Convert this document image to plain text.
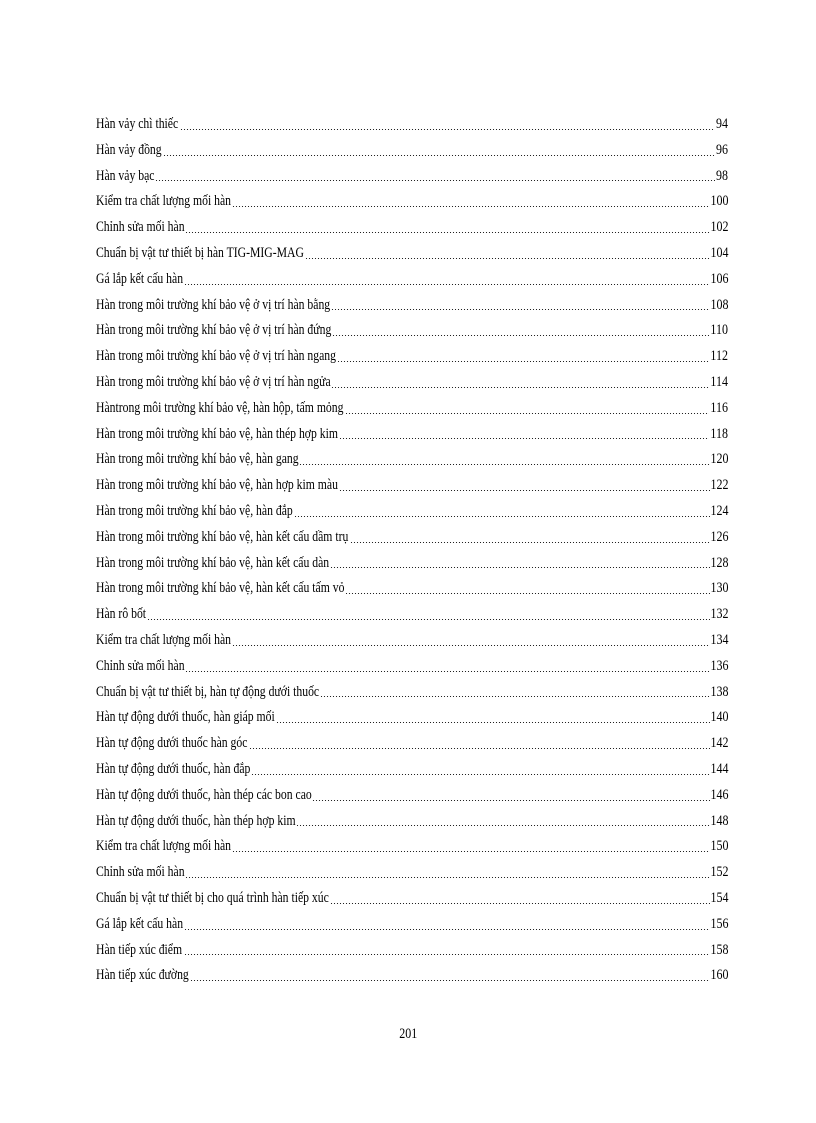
Hàn vảy chì thiếc	94
Hàn vảy đồng	96
Hàn vảy bạc	98
Kiểm tra chất lượng mối hàn	100
Chỉnh sửa mối hàn	102
Chuẩn bị vật tư thiết bị hàn TIG-MIG-MAG	104
Gá lắp kết cấu hàn	106
Hàn trong môi trường khí bảo vệ ở vị trí hàn bằng	108
Hàn trong môi trường khí bảo vệ ở vị trí hàn đứng	110
Hàn trong môi trường khí bảo vệ ở vị trí hàn ngang	112
Hàn trong môi trường khí bảo vệ ở vị trí hàn ngửa	114
Hàntrong môi trường khí bảo vệ, hàn hộp, tấm mỏng	116
Hàn trong môi trường khí bảo vệ, hàn thép hợp kim	118
Hàn trong môi trường khí bảo vệ, hàn gang	120
Hàn trong môi trường khí bảo vệ, hàn hợp kim màu	122
Hàn trong môi trường khí bảo vệ, hàn đắp	124
Hàn trong môi trường khí bảo vệ, hàn kết cấu dầm trụ	126
Hàn trong môi trường khí bảo vệ, hàn kết cấu dàn	128
Hàn trong môi trường khí bảo vệ, hàn kết cấu tấm vỏ	130
Hàn rô bốt	132
Kiểm tra chất lượng mối hàn	134
Chỉnh sửa mối hàn	136
Chuẩn bị vật tư thiết bị, hàn tự động dưới thuốc	138
Hàn tự động dưới thuốc, hàn giáp mối	140
Hàn tự động dưới thuốc hàn góc	142
Hàn tự động dưới thuốc, hàn đắp	144
Hàn tự động dưới thuốc, hàn thép các bon cao	146
Hàn tự động dưới thuốc, hàn thép hợp kim	148
Kiểm tra chất lượng mối hàn	150
Chỉnh sửa mối hàn	152
Chuẩn bị vật tư thiết bị cho quá trình hàn tiếp xúc	154
Gá lắp kết cấu hàn	156
Hàn tiếp xúc điểm	158
Hàn tiếp xúc đường	160
201
